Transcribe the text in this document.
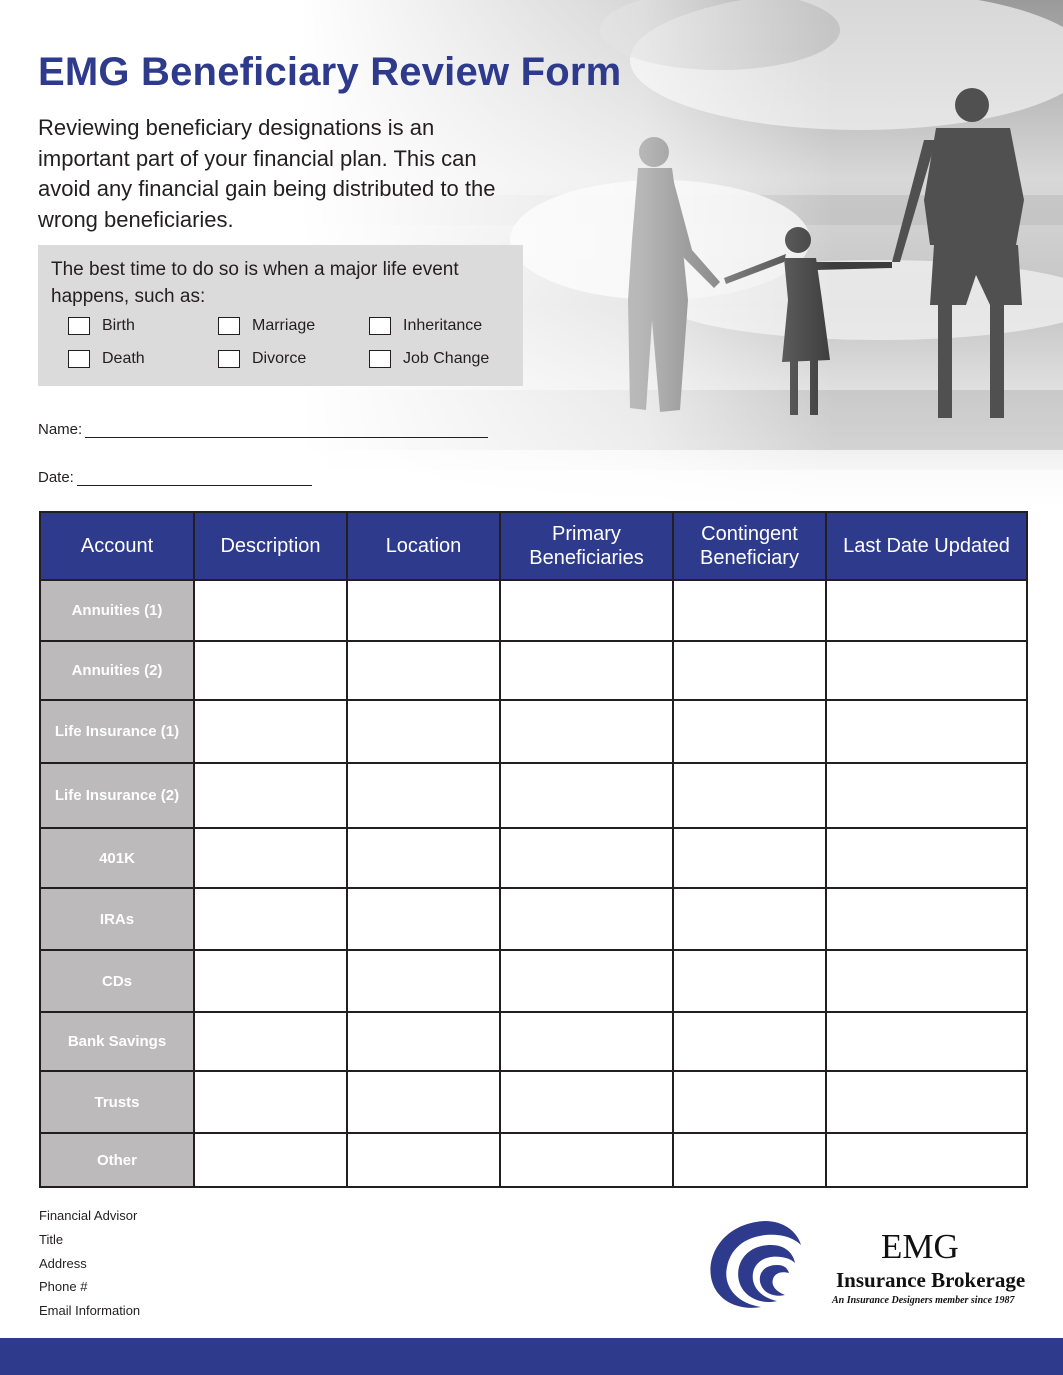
EMG Beneficiary Review Form

Reviewing beneficiary designations is an important part of your financial plan. This can avoid any financial gain being distributed to the wrong beneficiaries.

The best time to do so is when a major life event happens, such as:

Birth	Marriage	Inheritance
Death	Divorce	Job Change
Name:
Date:
Account	Description	Location	Primary Beneficiaries	Contingent Beneficiary	Last Date Updated
Annuities (1)					
Annuities (2)					
Life Insurance (1)					
Life Insurance (2)					
401K					
IRAs					
CDs					
Bank Savings					
Trusts					
Other					
Financial Advisor
Title
Address
Phone #
Email Information
EMG
Insurance Brokerage
An Insurance Designers member since 1987
